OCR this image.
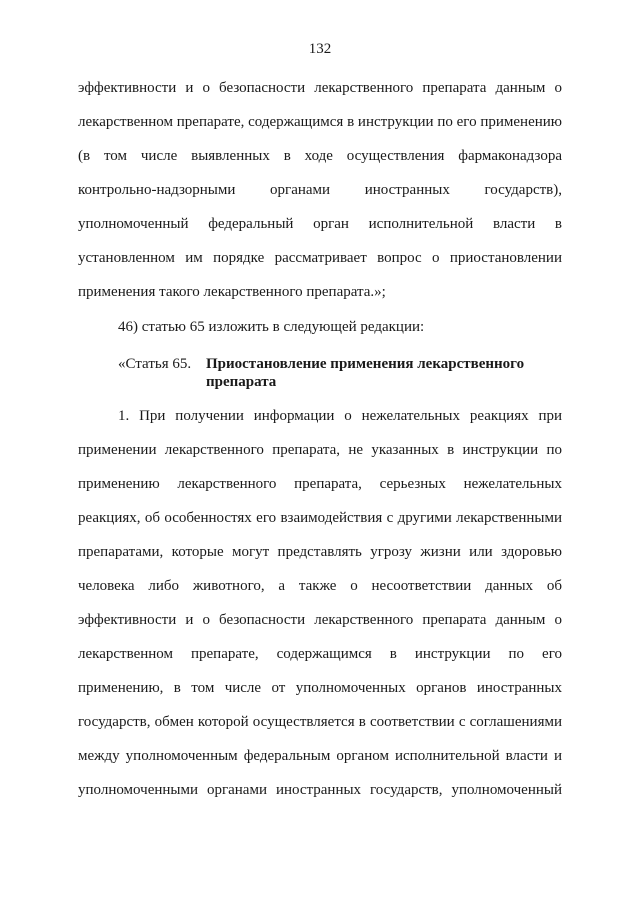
132
эффективности и о безопасности лекарственного препарата данным о
лекарственном препарате, содержащимся в инструкции по его применению
(в том числе выявленных в ходе осуществления фармаконадзора
контрольно-надзорными органами иностранных государств),
уполномоченный федеральный орган исполнительной власти в
установленном им порядке рассматривает вопрос о приостановлении
применения такого лекарственного препарата.»;
46) статью 65 изложить в следующей редакции:
«Статья 65. Приостановление применения лекарственного препарата
1. При получении информации о нежелательных реакциях при
применении лекарственного препарата, не указанных в инструкции по
применению лекарственного препарата, серьезных нежелательных
реакциях, об особенностях его взаимодействия с другими лекарственными
препаратами, которые могут представлять угрозу жизни или здоровью
человека либо животного, а также о несоответствии данных об
эффективности и о безопасности лекарственного препарата данным о
лекарственном препарате, содержащимся в инструкции по его
применению, в том числе от уполномоченных органов иностранных
государств, обмен которой осуществляется в соответствии с соглашениями
между уполномоченным федеральным органом исполнительной власти и
уполномоченными органами иностранных государств, уполномоченный
